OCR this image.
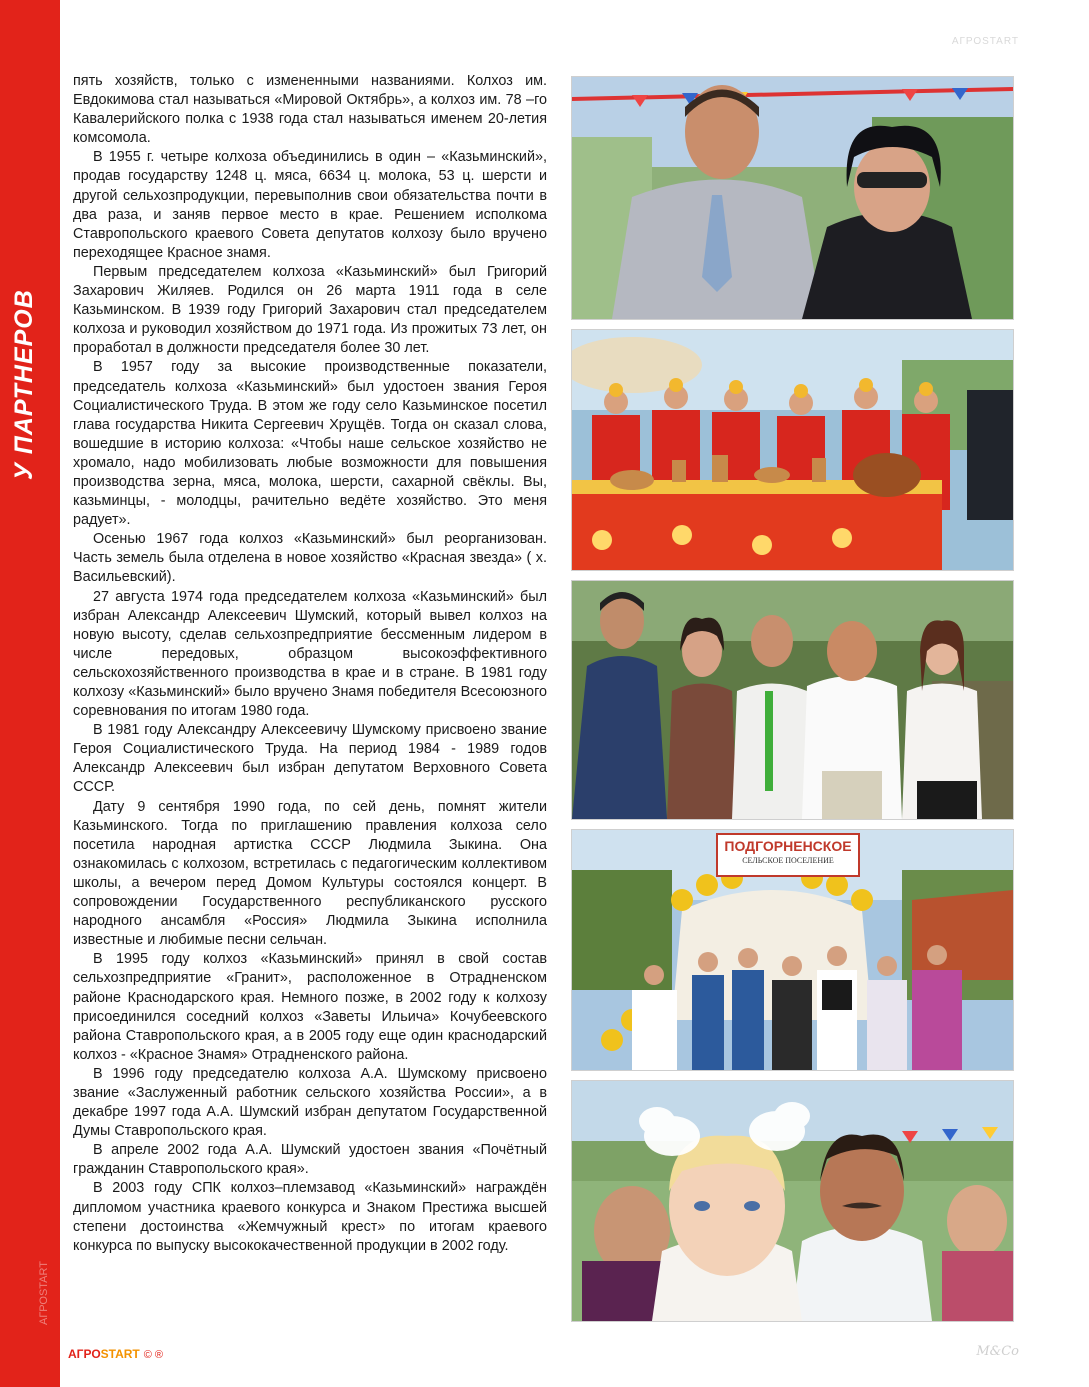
У ПАРТНЕРОВ
АГРОSTART
АГРОSTART

пять хозяйств, только с измененными названиями. Колхоз им. Евдокимова стал называться «Мировой Октябрь», а колхоз им. 78 –го Кавалерийского полка с 1938 года стал называться именем 20-летия комсомола.

В 1955 г. четыре колхоза объединились в один – «Казьминский», продав государству 1248 ц. мяса, 6634 ц. молока, 53 ц. шерсти и другой сельхозпродукции, перевыполнив свои обязательства почти в два раза, и заняв первое место в крае. Решением исполкома Ставропольского краевого Совета депутатов колхозу было вручено переходящее Красное знамя.

Первым председателем колхоза «Казьминский» был Григорий Захарович Жиляев. Родился он 26 марта 1911 года в селе Казьминском. В 1939 году Григорий Захарович стал председателем колхоза и руководил хозяйством до 1971 года. Из прожитых 73 лет, он проработал в должности председателя более 30 лет.

В 1957 году за высокие производственные показатели, председатель колхоза «Казьминский» был удостоен звания Героя Социалистического Труда. В этом же году село Казьминское посетил глава государства Никита Сергеевич Хрущёв. Тогда он сказал слова, вошедшие в историю колхоза: «Чтобы наше сельское хозяйство не хромало, надо мобилизовать любые возможности для повышения производства зерна, мяса, молока, шерсти, сахарной свёклы. Вы, казьминцы, - молодцы, рачительно ведёте хозяйство. Это меня радует».

Осенью 1967 года колхоз «Казьминский» был реорганизован. Часть земель была отделена в новое хозяйство «Красная звезда» ( х. Васильевский).

27 августа 1974 года председателем колхоза «Казьминский» был избран Александр Алексеевич Шумский, который вывел колхоз на новую высоту, сделав сельхозпредприятие бессменным лидером в числе передовых, образцом высокоэффективного сельскохозяйственного производства в крае и в стране. В 1981 году колхозу «Казьминский» было вручено Знамя победителя Всесоюзного соревнования по итогам 1980 года.

В 1981 году Александру Алексеевичу Шумскому присвоено звание Героя Социалистического Труда. На период 1984 - 1989 годов Александр Алексеевич был избран депутатом Верховного Совета СССР.

Дату 9 сентября 1990 года, по сей день, помнят жители Казьминского. Тогда по приглашению правления колхоза село посетила народная артистка СССР Людмила Зыкина. Она ознакомилась с колхозом, встретилась с педагогическим коллективом школы, а вечером перед Домом Культуры состоялся концерт. В сопровождении Государственного республиканского русского народного ансамбля «Россия» Людмила Зыкина исполнила известные и любимые песни сельчан.

В 1995 году колхоз «Казьминский» принял в свой состав сельхозпредприятие «Гранит», расположенное в Отрадненском районе Краснодарского края. Немного позже, в 2002 году к колхозу присоединился соседний колхоз «Заветы Ильича» Кочубеевского района Ставропольского края, а в 2005 году еще один краснодарский колхоз - «Красное Знамя» Отрадненского района.

В 1996 году председателю колхоза А.А. Шумскому присвоено звание «Заслуженный работник сельского хозяйства России», а в декабре 1997 года А.А. Шумский избран депутатом Государственной Думы Ставропольского края.

В апреле 2002 года А.А. Шумский удостоен звания «Почётный гражданин Ставропольского края».

В 2003 году СПК колхоз–племзавод «Казьминский» награждён дипломом участника краевого конкурса и Знаком Престижа высшей степени достоинства «Жемчужный крест» по итогам краевого конкурса по выпуску высококачественной продукции в 2002 году.

ПОДГОРНЕНСКОЕ
СЕЛЬСКОЕ ПОСЕЛЕНИЕ
АГРОSTART © ®	M&Co
